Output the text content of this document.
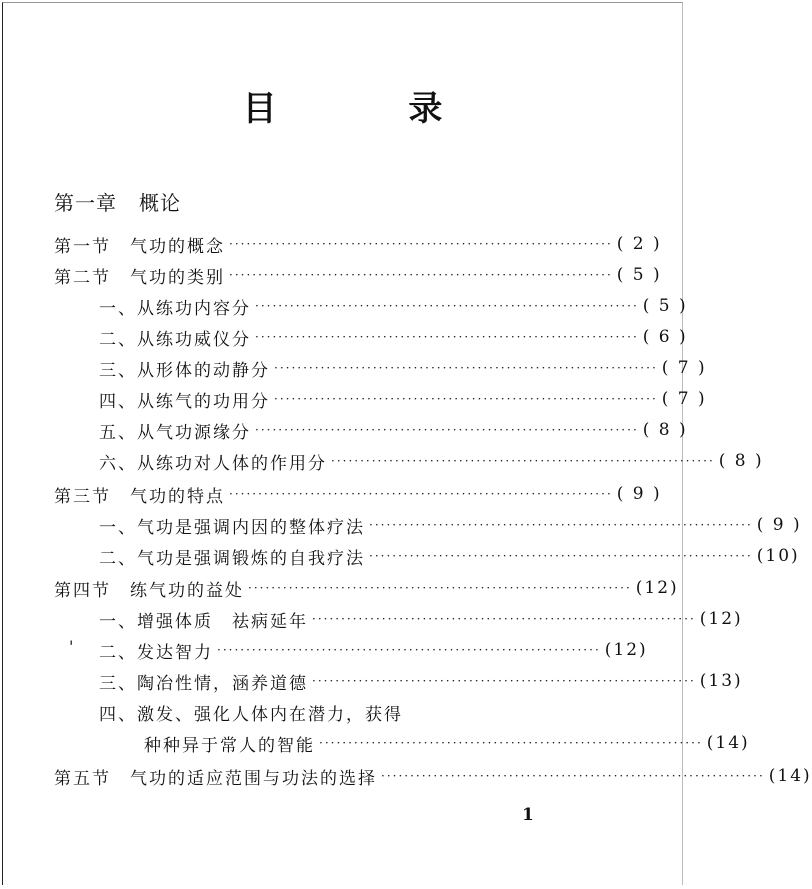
目 录
第一章 概论
第一节　气功的概念 ·································································· ( 2 )
第二节　气功的类别 ·································································· ( 5 )
一、从练功内容分 ·································································· ( 5 )
二、从练功威仪分 ·································································· ( 6 )
三、从形体的动静分 ·································································· ( 7 )
四、从练气的功用分 ·································································· ( 7 )
五、从气功源缘分 ·································································· ( 8 )
六、从练功对人体的作用分 ·································································· ( 8 )
第三节　气功的特点 ·································································· ( 9 )
一、气功是强调内因的整体疗法 ·································································· ( 9 )
二、气功是强调锻炼的自我疗法 ·································································· (10)
第四节　练气功的益处 ·································································· (12)
一、增强体质　祛病延年 ·································································· (12)
二、发达智力 ·································································· (12)
三、陶冶性情，涵养道德 ·································································· (13)
四、激发、强化人体内在潜力，获得
种种异于常人的智能 ·································································· (14)
第五节　气功的适应范围与功法的选择 ·································································· (14)
'
1
